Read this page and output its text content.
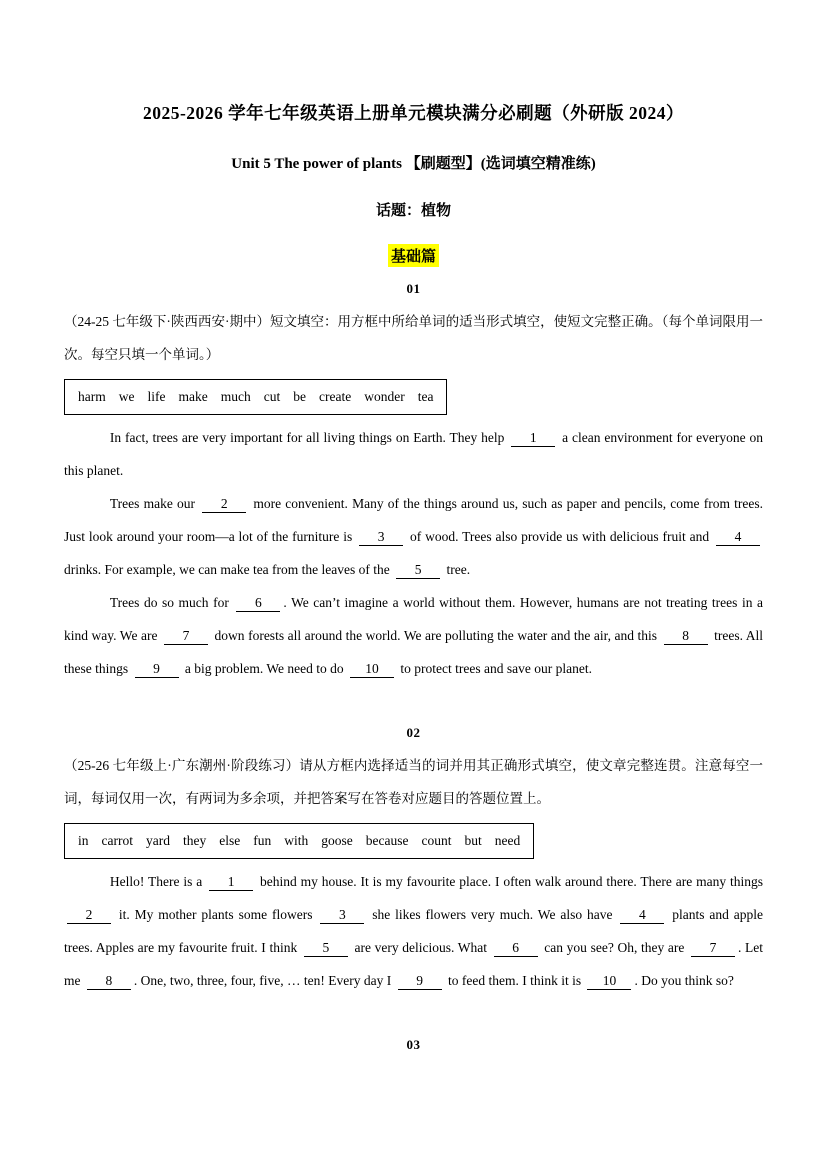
2025-2026 学年七年级英语上册单元模块满分必刷题（外研版 2024）
Unit 5 The power of plants 【刷题型】(选词填空精准练)
话题：植物
基础篇
01

（24-25 七年级下·陕西西安·期中）短文填空：用方框中所给单词的适当形式填空，使短文完整正确。（每个单词限用一次。每空只填一个单词。）

harm we life make much cut be create wonder tea

In fact, trees are very important for all living things on Earth. They help 1 a clean environment for everyone on this planet.

Trees make our 2 more convenient. Many of the things around us, such as paper and pencils, come from trees. Just look around your room—a lot of the furniture is 3 of wood. Trees also provide us with delicious fruit and 4 drinks. For example, we can make tea from the leaves of the 5 tree.

Trees do so much for 6 . We can’t imagine a world without them. However, humans are not treating trees in a kind way. We are 7 down forests all around the world. We are polluting the water and the air, and this 8 trees. All these things 9 a big problem. We need to do 10 to protect trees and save our planet.

02

（25-26 七年级上·广东潮州·阶段练习）请从方框内选择适当的词并用其正确形式填空，使文章完整连贯。注意每空一词，每词仅用一次，有两词为多余项，并把答案写在答卷对应题目的答题位置上。

in carrot yard they else fun with goose because count but need

Hello! There is a 1 behind my house. It is my favourite place. I often walk around there. There are many things 2 it. My mother plants some flowers 3 she likes flowers very much. We also have 4 plants and apple trees. Apples are my favourite fruit. I think 5 are very delicious. What 6 can you see? Oh, they are 7 . Let me 8 . One, two, three, four, five, … ten! Every day I 9 to feed them. I think it is 10 . Do you think so?

03
